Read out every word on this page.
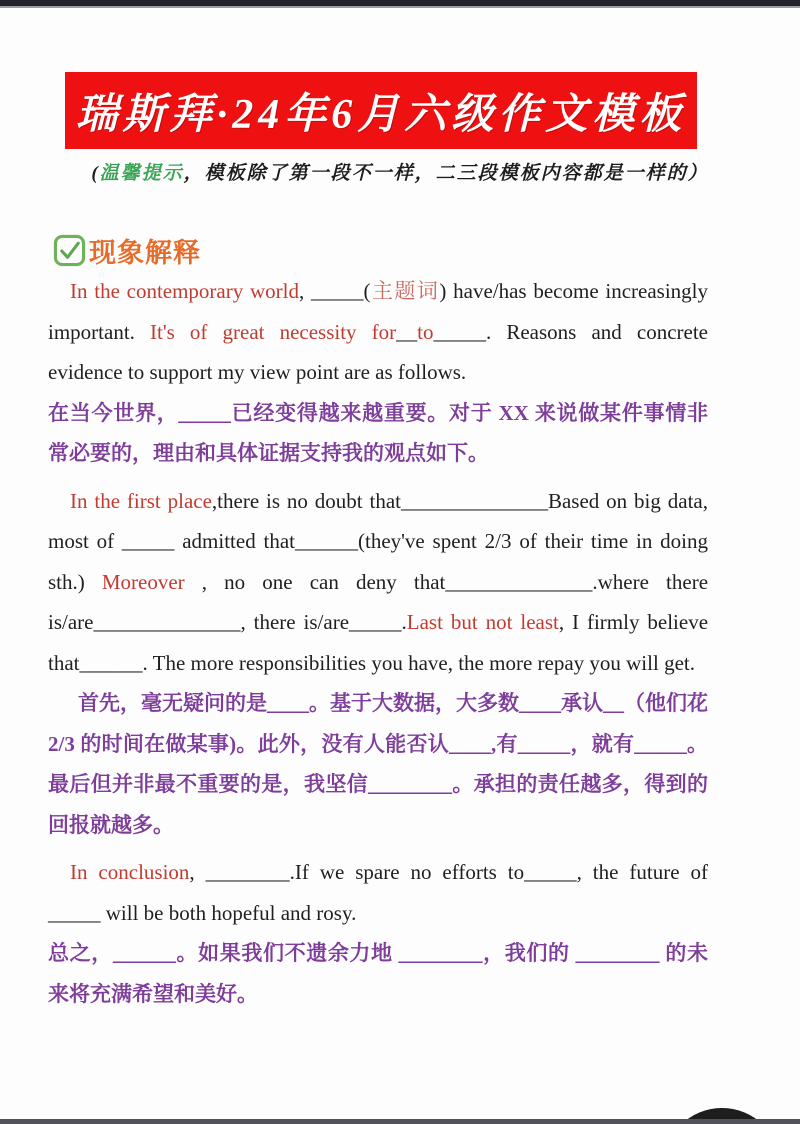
瑞斯拜·24年6月六级作文模板
(温馨提示，模板除了第一段不一样，二三段模板内容都是一样的）
现象解释

In the contemporary world, _____(主题词) have/has become increasingly important. It's of great necessity for__to_____. Reasons and concrete evidence to support my view point are as follows.

在当今世界，_____已经变得越来越重要。对于 XX 来说做某件事情非常必要的，理由和具体证据支持我的观点如下。

In the first place,there is no doubt that______________Based on big data, most of _____ admitted that______(they've spent 2/3 of their time in doing sth.) Moreover , no one can deny that______________.where there is/are______________, there is/are_____.Last but not least, I firmly believe that______. The more responsibilities you have, the more repay you will get.

首先，毫无疑问的是____。基于大数据，大多数____承认__（他们花 2/3 的时间在做某事)。此外，没有人能否认____,有_____，就有_____。最后但并非最不重要的是，我坚信________。承担的责任越多，得到的回报就越多。

In conclusion, ________.If we spare no efforts to_____, the future of _____ will be both hopeful and rosy.

总之，______。如果我们不遗余力地 ________，我们的 ________ 的未来将充满希望和美好。
